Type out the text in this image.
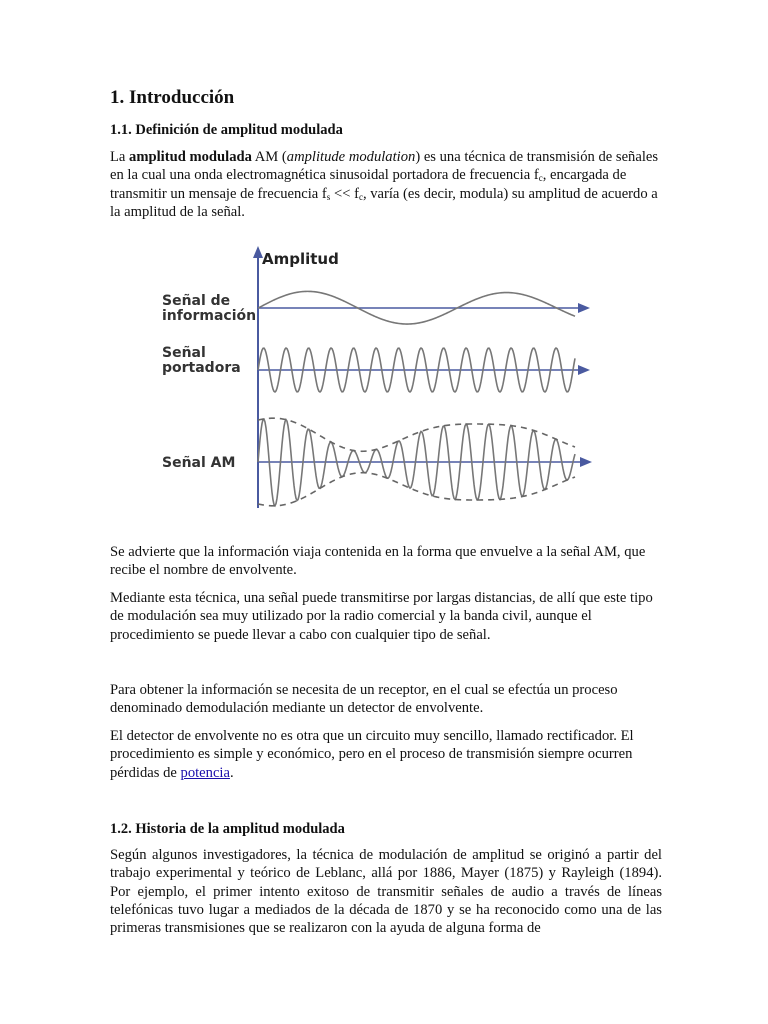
1. Introducción
1.1. Definición de amplitud modulada

La amplitud modulada AM (amplitude modulation) es una técnica de transmisión de señales en la cual una onda electromagnética sinusoidal portadora de frecuencia $f_c$, encargada de transmitir un mensaje de frecuencia $f_s << f_c$, varía (es decir, modula) su amplitud de acuerdo a la amplitud de la señal.

Se advierte que la información viaja contenida en la forma que envuelve a la señal AM, que recibe el nombre de envolvente.

Mediante esta técnica, una señal puede transmitirse por largas distancias, de allí que este tipo de modulación sea muy utilizado por la radio comercial y la banda civil, aunque el procedimiento se puede llevar a cabo con cualquier tipo de señal.

Para obtener la información se necesita de un receptor, en el cual se efectúa un proceso denominado demodulación mediante un detector de envolvente.

El detector de envolvente no es otra que un circuito muy sencillo, llamado rectificador. El procedimiento es simple y económico, pero en el proceso de transmisión siempre ocurren pérdidas de potencia.

1.2. Historia de la amplitud modulada

Según algunos investigadores, la técnica de modulación de amplitud se originó a partir del trabajo experimental y teórico de Leblanc, allá por 1886, Mayer (1875) y Rayleigh (1894). Por ejemplo, el primer intento exitoso de transmitir señales de audio a través de líneas telefónicas tuvo lugar a mediados de la década de 1870 y se ha reconocido como una de las primeras transmisiones que se realizaron con la ayuda de alguna forma de

Amplitud
Señal de
información
Señal
portadora
Señal AM
